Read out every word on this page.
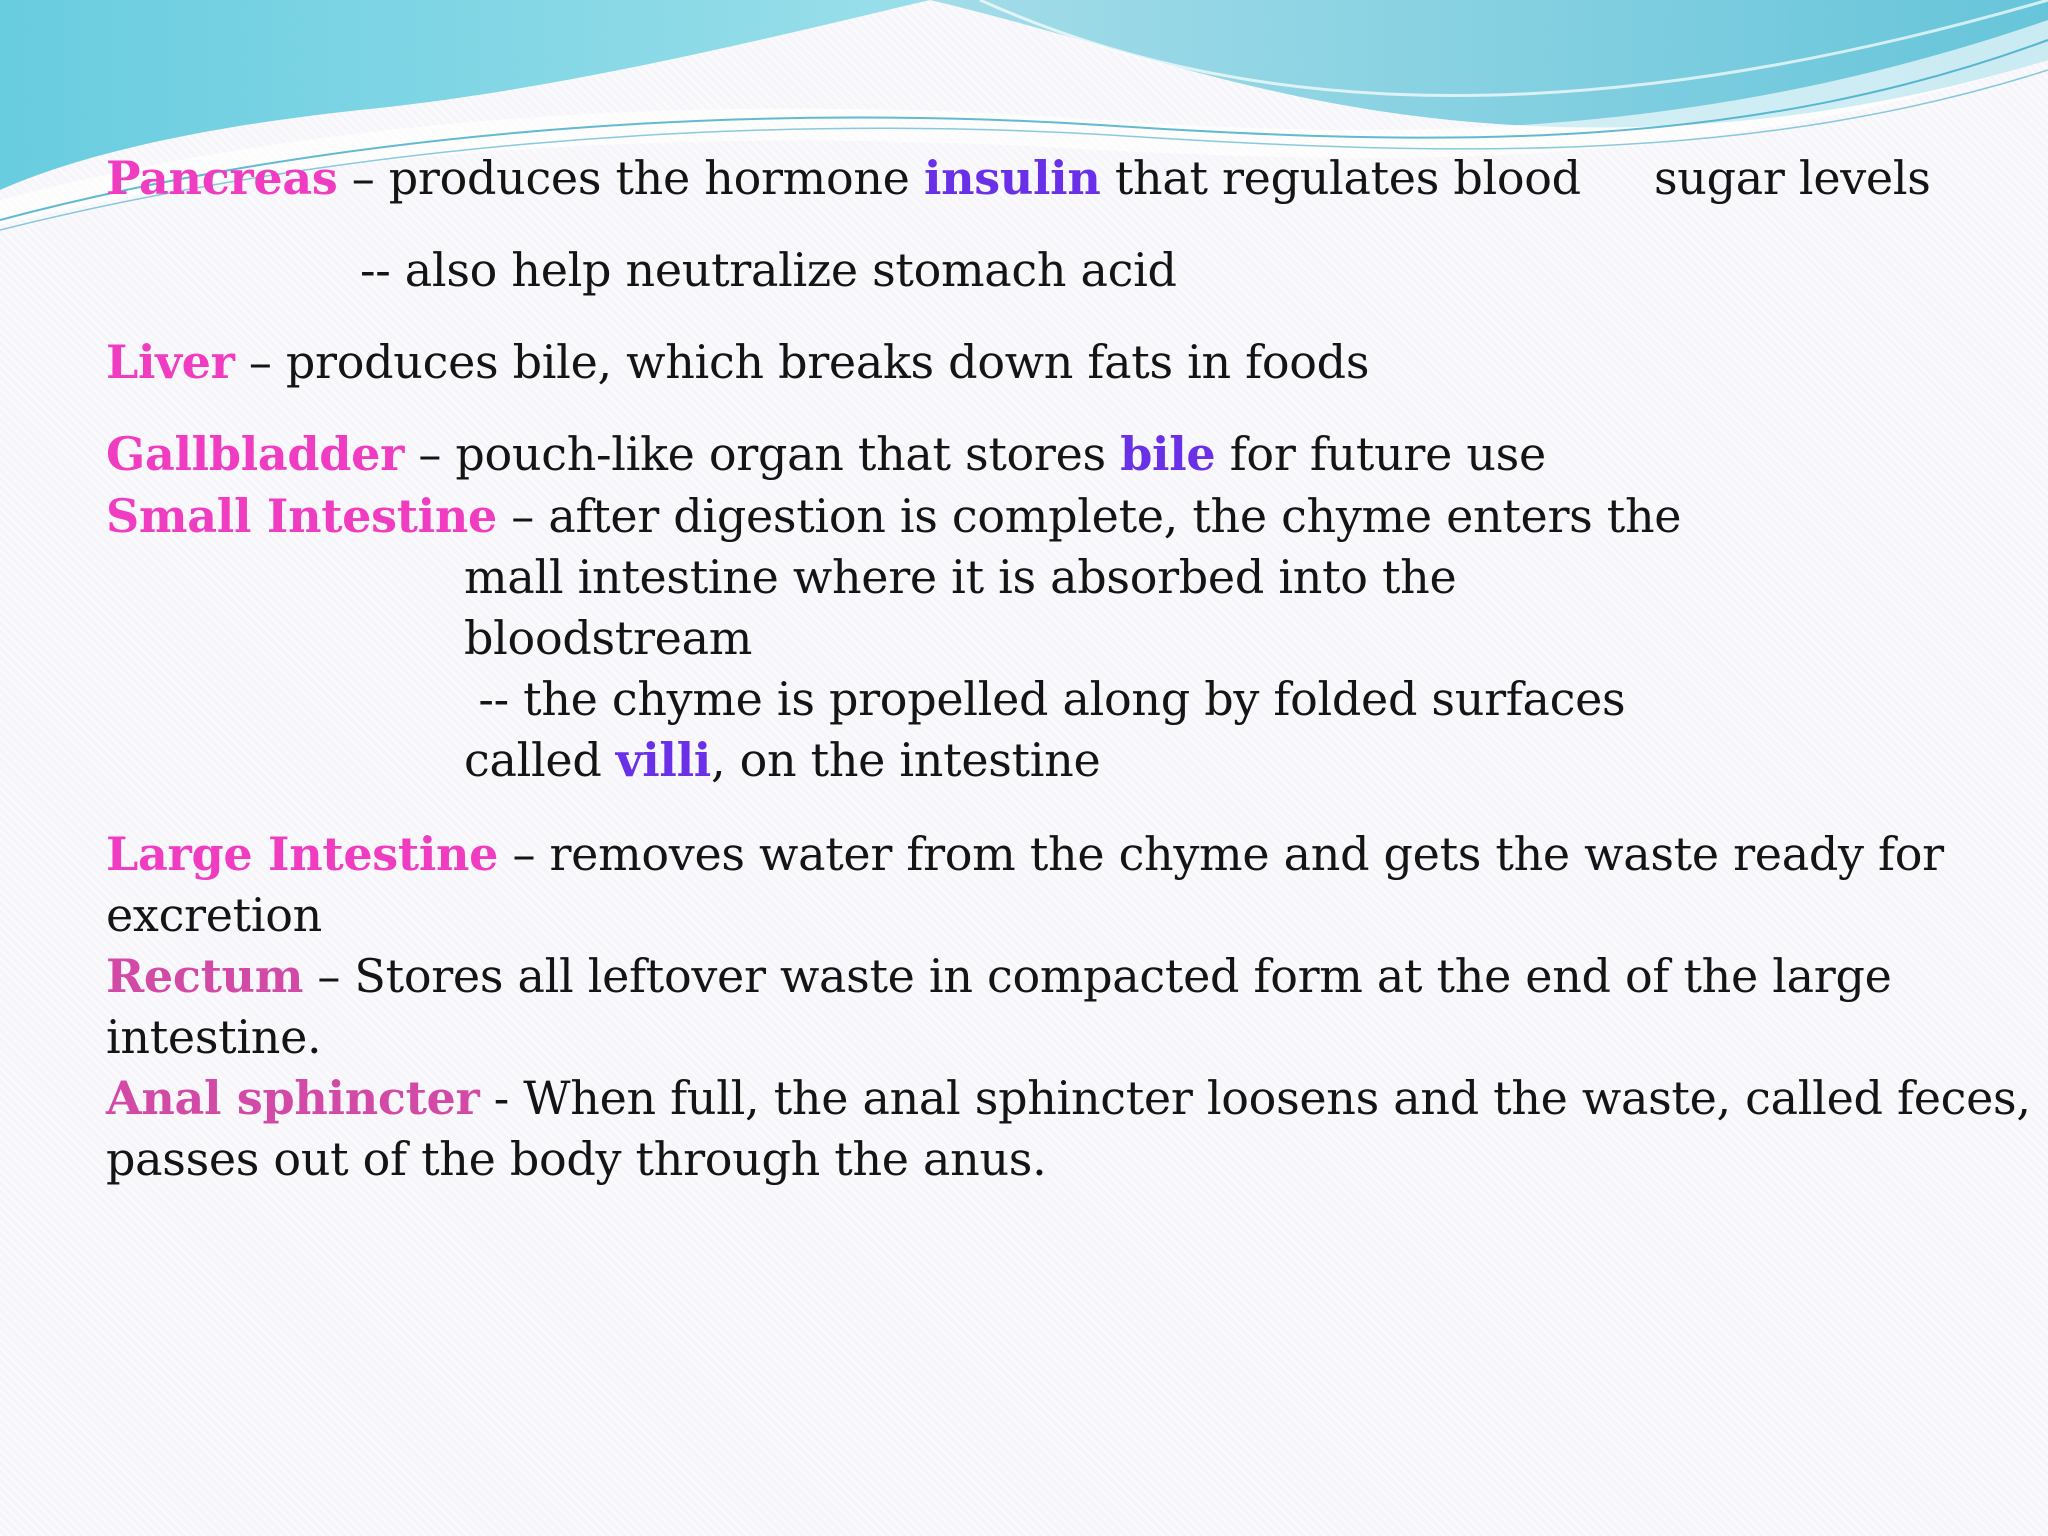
Pancreas – produces the hormone insulin that regulates blood sugar levels
-- also help neutralize stomach acid
Liver – produces bile, which breaks down fats in foods
Gallbladder – pouch-like organ that stores bile for future use
Small Intestine – after digestion is complete, the chyme enters the
mall intestine where it is absorbed into the
bloodstream
-- the chyme is propelled along by folded surfaces
called villi, on the intestine
Large Intestine – removes water from the chyme and gets the waste ready for
excretion
Rectum – Stores all leftover waste in compacted form at the end of the large
intestine.
Anal sphincter - When full, the anal sphincter loosens and the waste, called feces,
passes out of the body through the anus.
